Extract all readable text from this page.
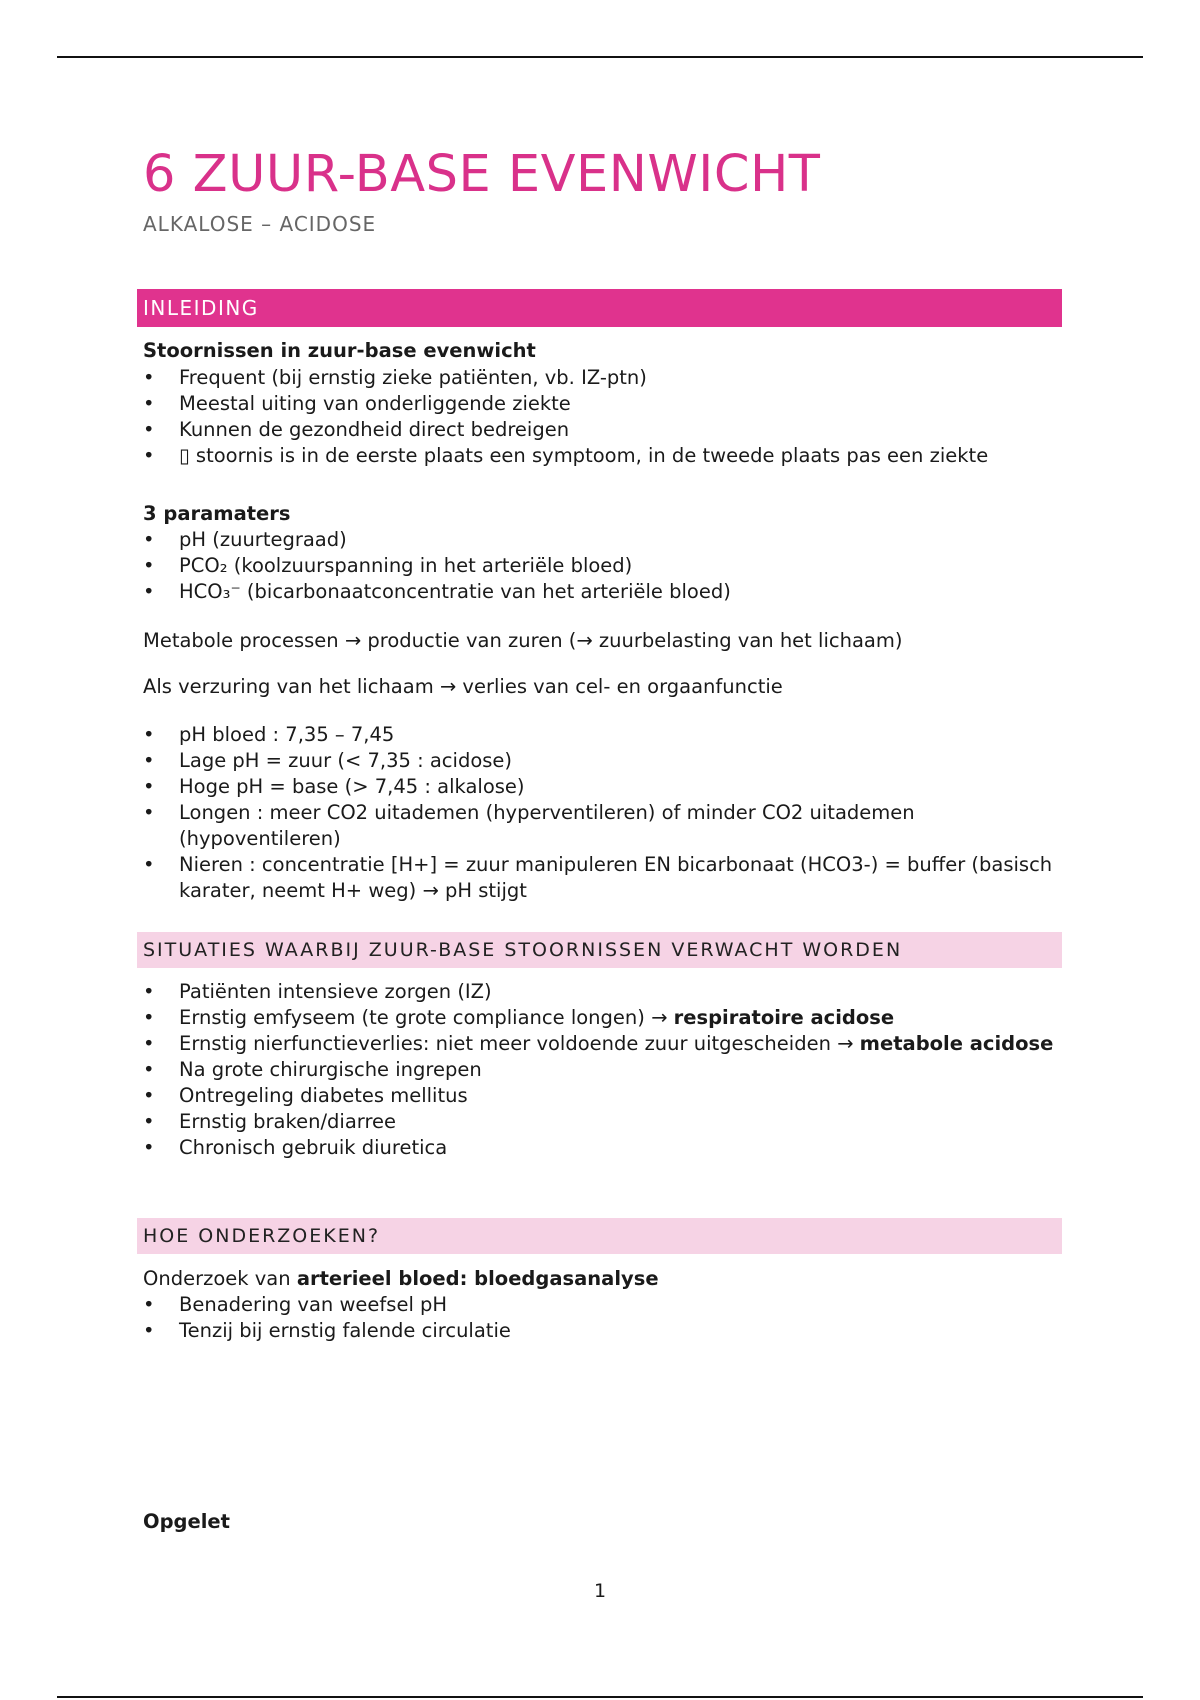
6 ZUUR-BASE EVENWICHT

ALKALOSE – ACIDOSE

INLEIDING

Stoornissen in zuur-base evenwicht

• Frequent (bij ernstig zieke patiënten, vb. IZ-ptn)
• Meestal uiting van onderliggende ziekte
• Kunnen de gezondheid direct bedreigen
• ▯ stoornis is in de eerste plaats een symptoom, in de tweede plaats pas een ziekte

3 paramaters

• pH (zuurtegraad)
• PCO₂ (koolzuurspanning in het arteriële bloed)
• HCO₃⁻ (bicarbonaatconcentratie van het arteriële bloed)

Metabole processen → productie van zuren (→ zuurbelasting van het lichaam)

Als verzuring van het lichaam → verlies van cel- en orgaanfunctie

• pH bloed : 7,35 – 7,45
• Lage pH = zuur (< 7,35 : acidose)
• Hoge pH = base (> 7,45 : alkalose)
• Longen : meer CO2 uitademen (hyperventileren) of minder CO2 uitademen (hypoventileren)
• Nieren : concentratie [H+] = zuur manipuleren EN bicarbonaat (HCO3-) = buffer (basisch karater, neemt H+ weg) → pH stijgt
SITUATIES WAARBIJ ZUUR-BASE STOORNISSEN VERWACHT WORDEN
• Patiënten intensieve zorgen (IZ)
• Ernstig emfyseem (te grote compliance longen) → respiratoire acidose
• Ernstig nierfunctieverlies: niet meer voldoende zuur uitgescheiden → metabole acidose
• Na grote chirurgische ingrepen
• Ontregeling diabetes mellitus
• Ernstig braken/diarree
• Chronisch gebruik diuretica
HOE ONDERZOEKEN?

Onderzoek van arterieel bloed: bloedgasanalyse

• Benadering van weefsel pH
• Tenzij bij ernstig falende circulatie

Opgelet

1
